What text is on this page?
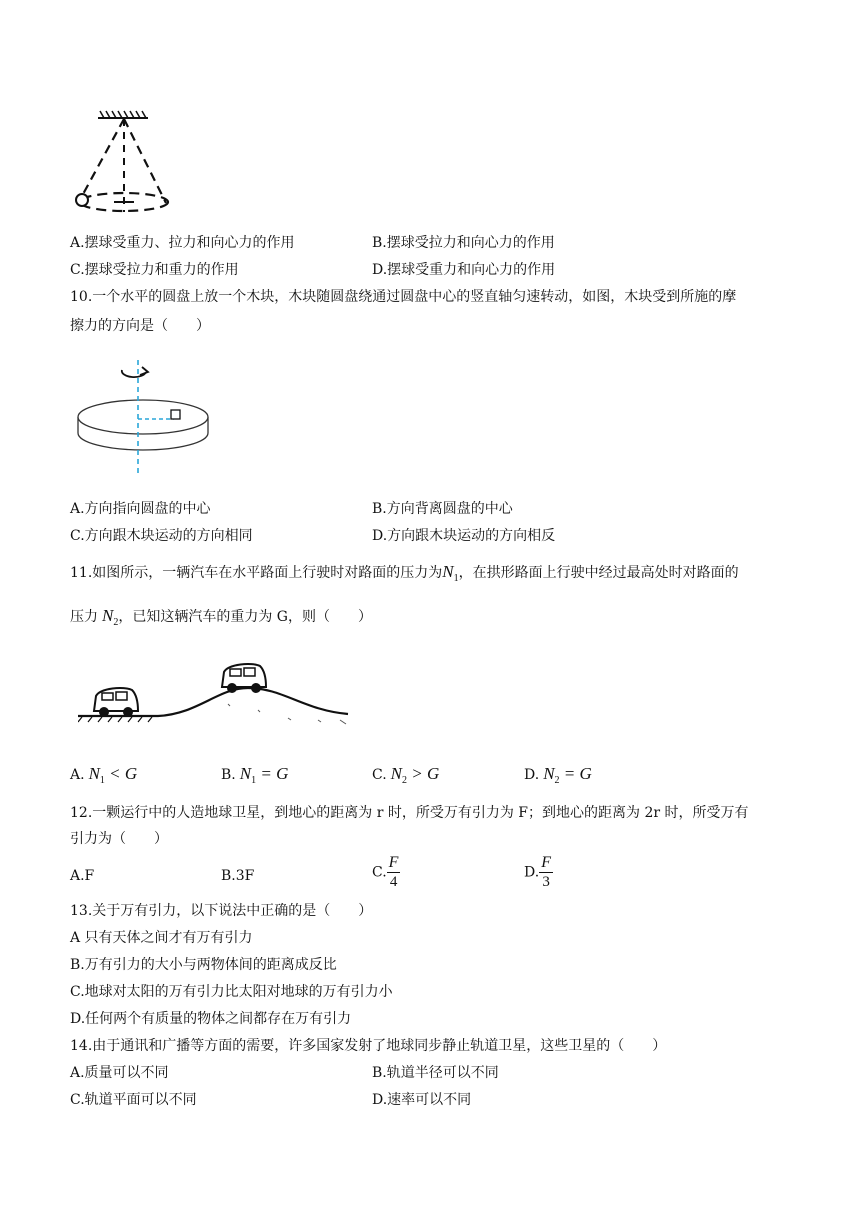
A.摆球受重力、拉力和向心力的作用	B.摆球受拉力和向心力的作用
C.摆球受拉力和重力的作用	D.摆球受重力和向心力的作用
10.一个水平的圆盘上放一个木块，木块随圆盘绕通过圆盘中心的竖直轴匀速转动，如图，木块受到所施的摩
擦力的方向是（　　）
A.方向指向圆盘的中心	B.方向背离圆盘的中心
C.方向跟木块运动的方向相同	D.方向跟木块运动的方向相反
11.如图所示，一辆汽车在水平路面上行驶时对路面的压力为$N_1$，在拱形路面上行驶中经过最高处时对路面的
压力 $N_2$，已知这辆汽车的重力为 G，则（　　）
A. $N_1 < G$	B. $N_1 = G$	C. $N_2 > G$	D. $N_2 = G$
12.一颗运行中的人造地球卫星，到地心的距离为 r 时，所受万有引力为 F；到地心的距离为 2r 时，所受万有
引力为（　　）
A.F	B.3F	C. $\frac{F}{4}$	D. $\frac{F}{3}$
13.关于万有引力，以下说法中正确的是（　　）
A 只有天体之间才有万有引力
B.万有引力的大小与两物体间的距离成反比
C.地球对太阳的万有引力比太阳对地球的万有引力小
D.任何两个有质量的物体之间都存在万有引力
14.由于通讯和广播等方面的需要，许多国家发射了地球同步静止轨道卫星，这些卫星的（　　）
A.质量可以不同	B.轨道半径可以不同
C.轨道平面可以不同	D.速率可以不同
